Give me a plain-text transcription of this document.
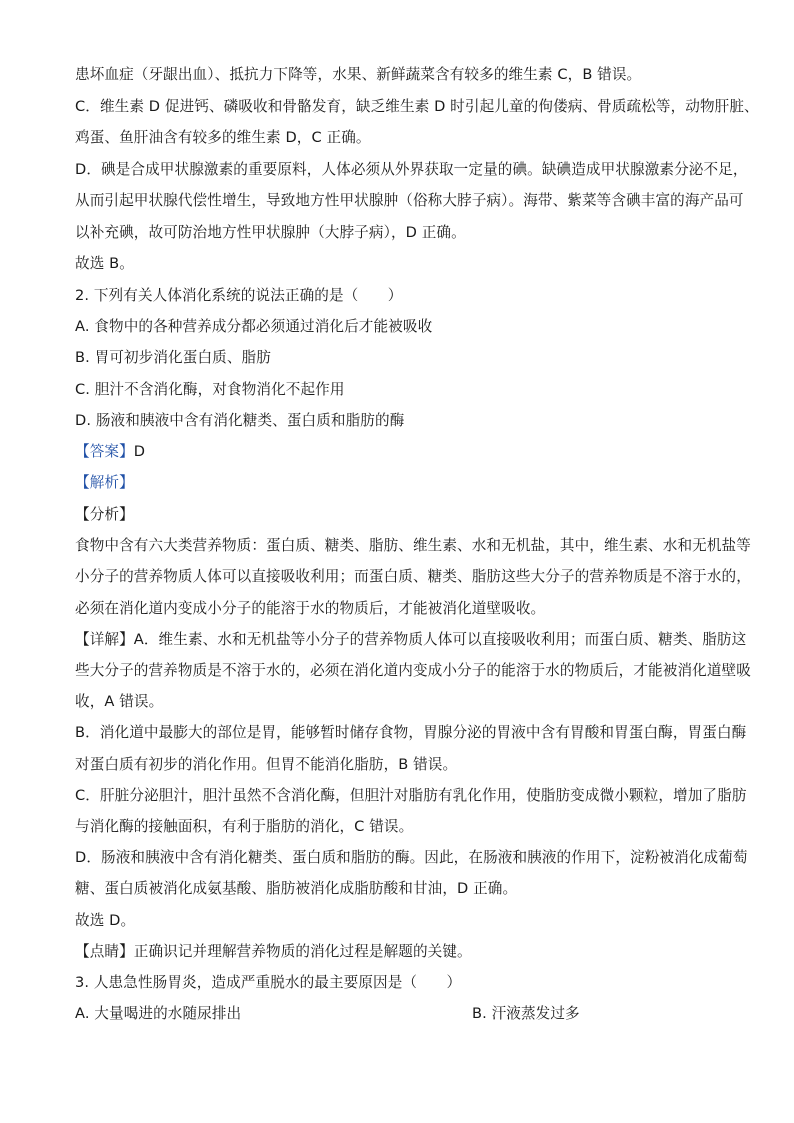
患坏血症（牙龈出血）、抵抗力下降等，水果、新鲜蔬菜含有较多的维生素 C，B 错误。
C．维生素 D 促进钙、磷吸收和骨骼发育，缺乏维生素 D 时引起儿童的佝偻病、骨质疏松等，动物肝脏、
鸡蛋、鱼肝油含有较多的维生素 D，C 正确。
D．碘是合成甲状腺激素的重要原料，人体必须从外界获取一定量的碘。缺碘造成甲状腺激素分泌不足，
从而引起甲状腺代偿性增生，导致地方性甲状腺肿（俗称大脖子病）。海带、紫菜等含碘丰富的海产品可
以补充碘，故可防治地方性甲状腺肿（大脖子病），D 正确。
故选 B。
2. 下列有关人体消化系统的说法正确的是（　　）
A. 食物中的各种营养成分都必须通过消化后才能被吸收
B. 胃可初步消化蛋白质、脂肪
C. 胆汁不含消化酶，对食物消化不起作用
D. 肠液和胰液中含有消化糖类、蛋白质和脂肪的酶
【答案】D
【解析】
【分析】
食物中含有六大类营养物质：蛋白质、糖类、脂肪、维生素、水和无机盐，其中，维生素、水和无机盐等
小分子的营养物质人体可以直接吸收利用；而蛋白质、糖类、脂肪这些大分子的营养物质是不溶于水的，
必须在消化道内变成小分子的能溶于水的物质后，才能被消化道壁吸收。
【详解】A．维生素、水和无机盐等小分子的营养物质人体可以直接吸收利用；而蛋白质、糖类、脂肪这
些大分子的营养物质是不溶于水的，必须在消化道内变成小分子的能溶于水的物质后，才能被消化道壁吸
收，A 错误。
B．消化道中最膨大的部位是胃，能够暂时储存食物，胃腺分泌的胃液中含有胃酸和胃蛋白酶，胃蛋白酶
对蛋白质有初步的消化作用。但胃不能消化脂肪，B 错误。
C．肝脏分泌胆汁，胆汁虽然不含消化酶，但胆汁对脂肪有乳化作用，使脂肪变成微小颗粒，增加了脂肪
与消化酶的接触面积，有利于脂肪的消化，C 错误。
D．肠液和胰液中含有消化糖类、蛋白质和脂肪的酶。因此，在肠液和胰液的作用下，淀粉被消化成葡萄
糖、蛋白质被消化成氨基酸、脂肪被消化成脂肪酸和甘油，D 正确。
故选 D。
【点睛】正确识记并理解营养物质的消化过程是解题的关键。
3. 人患急性肠胃炎，造成严重脱水的最主要原因是（　　）
A. 大量喝进的水随尿排出	B. 汗液蒸发过多
